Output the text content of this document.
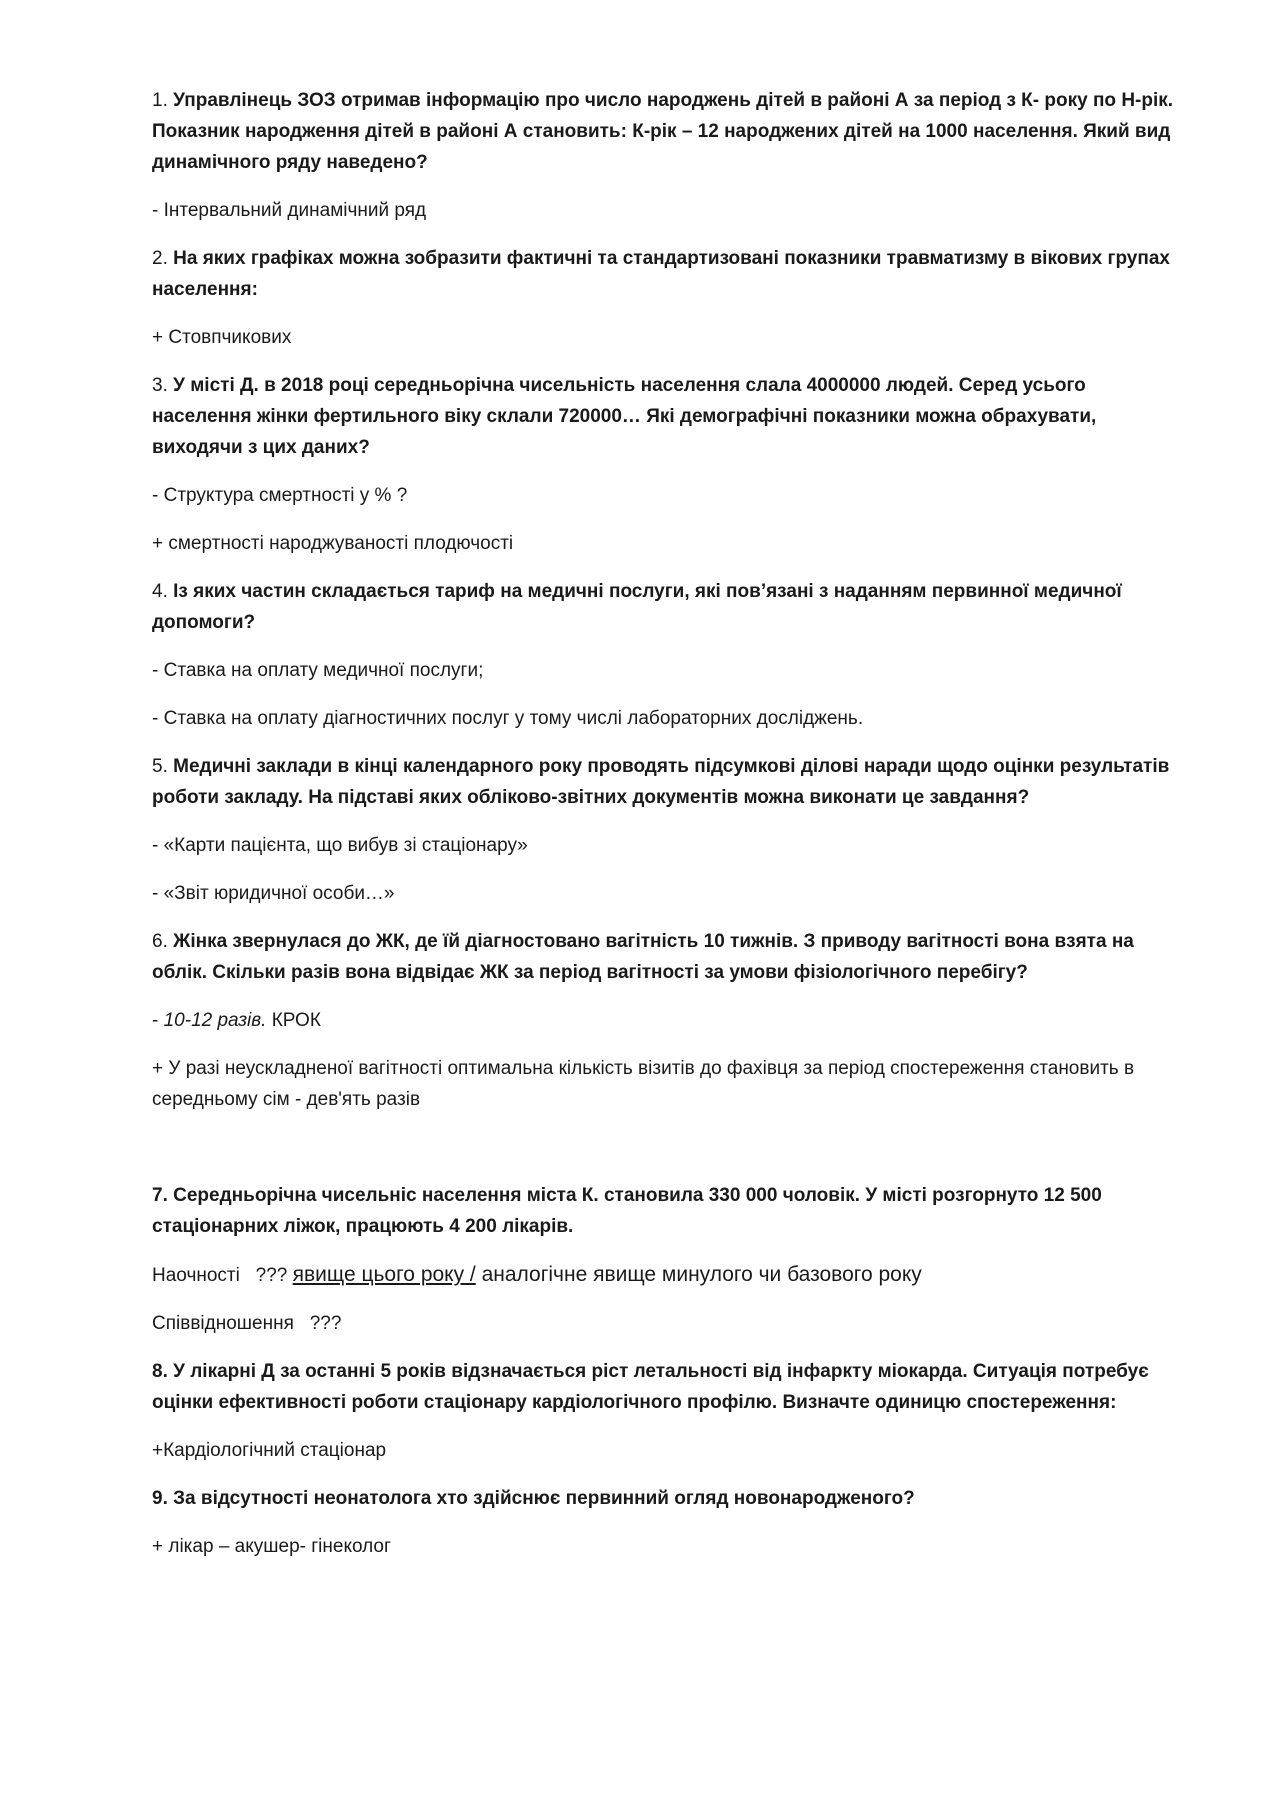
1. Управлінець ЗОЗ отримав інформацію про число народжень дітей в районі А за період з К- року по Н-рік. Показник народження дітей в районі А становить: К-рік – 12 народжених дітей на 1000 населення. Який вид динамічного ряду наведено?

- Інтервальний динамічний ряд

2. На яких графіках можна зобразити фактичні та стандартизовані показники травматизму в вікових групах населення:

+ Стовпчикових

3. У місті Д. в 2018 році середньорічна чисельність населення слала 4000000 людей. Серед усього населення жінки фертильного віку склали 720000… Які демографічні показники можна обрахувати, виходячи з цих даних?

- Структура смертності у % ?

+ смертності народжуваності плодючості

4. Із яких частин складається тариф на медичні послуги, які пов’язані з наданням первинної медичної допомоги?

- Ставка на оплату медичної послуги;

- Ставка на оплату діагностичних послуг у тому числі лабораторних досліджень.

5. Медичні заклади в кінці календарного року проводять підсумкові ділові наради щодо оцінки результатів роботи закладу. На підставі яких обліково-звітних документів можна виконати це завдання?

- «Карти пацієнта, що вибув зі стаціонару»

- «Звіт юридичної особи…»

6. Жінка звернулася до ЖК, де їй діагностовано вагітність 10 тижнів. З приводу вагітності вона взята на облік. Скільки разів вона відвідає ЖК за період вагітності за умови фізіологічного перебігу?

- 10-12 разів. КРОК

+ У разі неускладненої вагітності оптимальна кількість візитів до фахівця за період спостереження становить в середньому сім - дев'ять разів

7. Середньорічна чисельніс населення міста К. становила 330 000 чоловік. У місті розгорнуто 12 500 стаціонарних ліжок, працюють 4 200 лікарів.

Наочності   ??? явище цього року / аналогічне явище минулого чи базового року

Співвідношення   ???

8. У лікарні Д за останні 5 років відзначається ріст летальності від інфаркту міокарда. Ситуація потребує оцінки ефективності роботи стаціонару кардіологічного профілю. Визначте одиницю спостереження:

+Кардіологічний стаціонар

9. За відсутності неонатолога хто здійснює первинний огляд новонародженого?

+ лікар – акушер- гінеколог
